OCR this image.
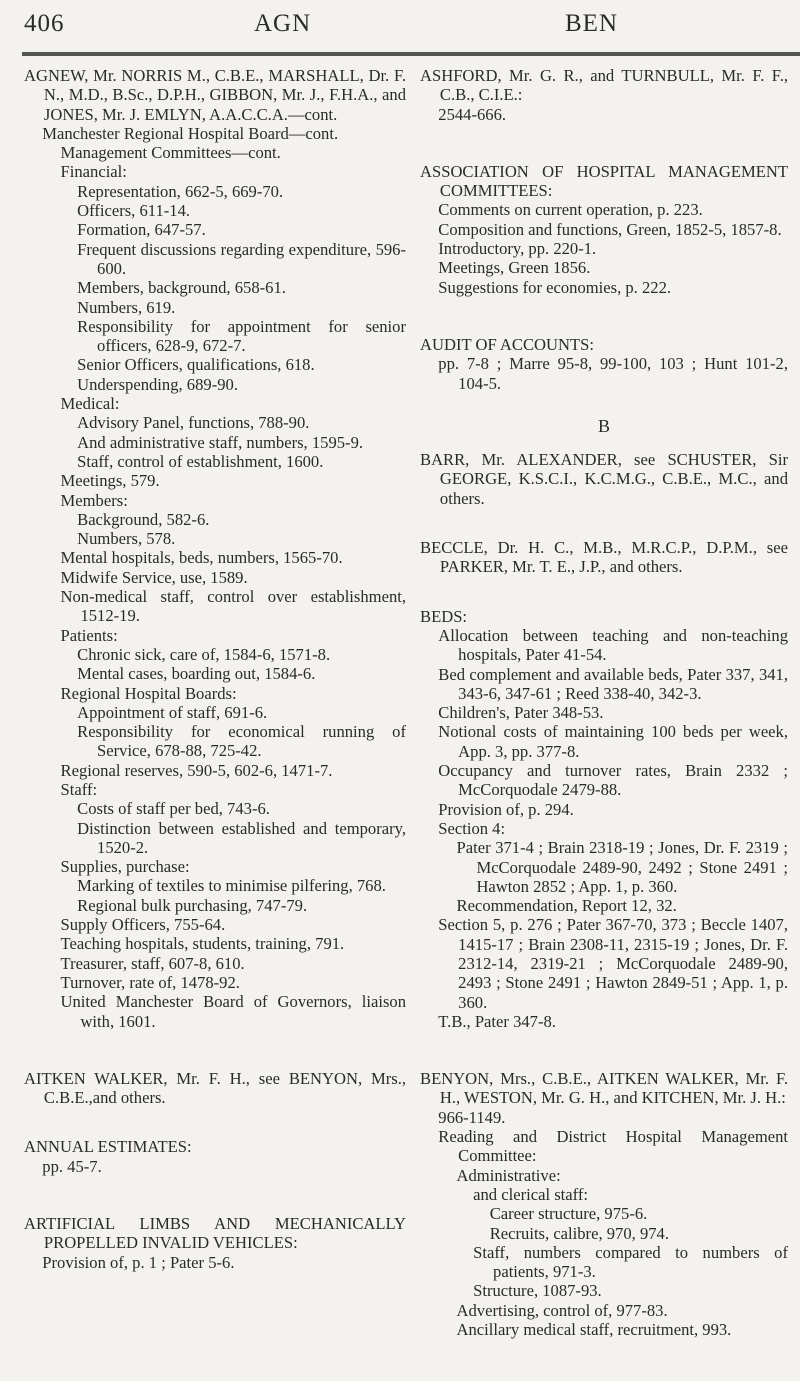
406	AGN	BEN
AGNEW, Mr. NORRIS M., C.B.E., MARSHALL, Dr. F. N., M.D., B.Sc., D.P.H., GIBBON, Mr. J., F.H.A., and JONES, Mr. J. EMLYN, A.A.C.C.A.—cont.
Manchester Regional Hospital Board—cont.
Management Committees—cont.
Financial:
Representation, 662-5, 669-70.
Officers, 611-14.
Formation, 647-57.
Frequent discussions regarding expenditure, 596-600.
Members, background, 658-61.
Numbers, 619.
Responsibility for appointment for senior officers, 628-9, 672-7.
Senior Officers, qualifications, 618.
Underspending, 689-90.
Medical:
Advisory Panel, functions, 788-90.
And administrative staff, numbers, 1595-9.
Staff, control of establishment, 1600.
Meetings, 579.
Members:
Background, 582-6.
Numbers, 578.
Mental hospitals, beds, numbers, 1565-70.
Midwife Service, use, 1589.
Non-medical staff, control over establishment, 1512-19.
Patients:
Chronic sick, care of, 1584-6, 1571-8.
Mental cases, boarding out, 1584-6.
Regional Hospital Boards:
Appointment of staff, 691-6.
Responsibility for economical running of Service, 678-88, 725-42.
Regional reserves, 590-5, 602-6, 1471-7.
Staff:
Costs of staff per bed, 743-6.
Distinction between established and temporary, 1520-2.
Supplies, purchase:
Marking of textiles to minimise pilfering, 768.
Regional bulk purchasing, 747-79.
Supply Officers, 755-64.
Teaching hospitals, students, training, 791.
Treasurer, staff, 607-8, 610.
Turnover, rate of, 1478-92.
United Manchester Board of Governors, liaison with, 1601.
AITKEN WALKER, Mr. F. H., see BENYON, Mrs., C.B.E.,and others.
ANNUAL ESTIMATES:
pp. 45-7.
ARTIFICIAL LIMBS AND MECHANICALLY PROPELLED INVALID VEHICLES:
Provision of, p. 1 ; Pater 5-6.
ASHFORD, Mr. G. R., and TURNBULL, Mr. F. F., C.B., C.I.E.:
2544-666.
ASSOCIATION OF HOSPITAL MANAGEMENT COMMITTEES:
Comments on current operation, p. 223.
Composition and functions, Green, 1852-5, 1857-8.
Introductory, pp. 220-1.
Meetings, Green 1856.
Suggestions for economies, p. 222.
AUDIT OF ACCOUNTS:
pp. 7-8 ; Marre 95-8, 99-100, 103 ; Hunt 101-2, 104-5.
B
BARR, Mr. ALEXANDER, see SCHUSTER, Sir GEORGE, K.S.C.I., K.C.M.G., C.B.E., M.C., and others.
BECCLE, Dr. H. C., M.B., M.R.C.P., D.P.M., see PARKER, Mr. T. E., J.P., and others.
BEDS:
Allocation between teaching and non-teaching hospitals, Pater 41-54.
Bed complement and available beds, Pater 337, 341, 343-6, 347-61 ; Reed 338-40, 342-3.
Children's, Pater 348-53.
Notional costs of maintaining 100 beds per week, App. 3, pp. 377-8.
Occupancy and turnover rates, Brain 2332 ; McCorquodale 2479-88.
Provision of, p. 294.
Section 4:
Pater 371-4 ; Brain 2318-19 ; Jones, Dr. F. 2319 ; McCorquodale 2489-90, 2492 ; Stone 2491 ; Hawton 2852 ; App. 1, p. 360.
Recommendation, Report 12, 32.
Section 5, p. 276 ; Pater 367-70, 373 ; Beccle 1407, 1415-17 ; Brain 2308-11, 2315-19 ; Jones, Dr. F. 2312-14, 2319-21 ; McCorquodale 2489-90, 2493 ; Stone 2491 ; Hawton 2849-51 ; App. 1, p. 360.
T.B., Pater 347-8.
BENYON, Mrs., C.B.E., AITKEN WALKER, Mr. F. H., WESTON, Mr. G. H., and KITCHEN, Mr. J. H.:
966-1149.
Reading and District Hospital Management Committee:
Administrative:
and clerical staff:
Career structure, 975-6.
Recruits, calibre, 970, 974.
Staff, numbers compared to numbers of patients, 971-3.
Structure, 1087-93.
Advertising, control of, 977-83.
Ancillary medical staff, recruitment, 993.
